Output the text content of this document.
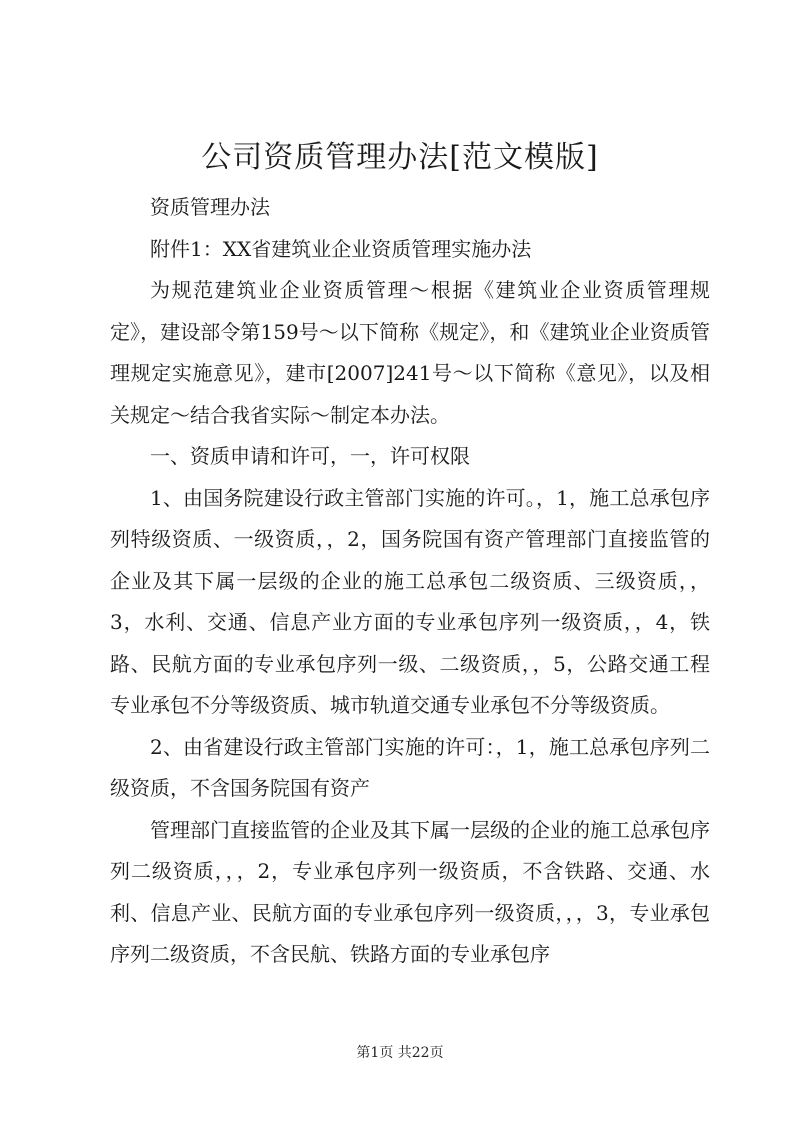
公司资质管理办法[范文模版]

资质管理办法

附件1：XX省建筑业企业资质管理实施办法

为规范建筑业企业资质管理～根据《建筑业企业资质管理规定》，建设部令第159号～以下简称《规定》，和《建筑业企业资质管理规定实施意见》，建市[2007]241号～以下简称《意见》，以及相关规定～结合我省实际～制定本办法。

一、资质申请和许可，一，许可权限

1、由国务院建设行政主管部门实施的许可。，1，施工总承包序列特级资质、一级资质，，2，国务院国有资产管理部门直接监管的企业及其下属一层级的企业的施工总承包二级资质、三级资质，，3，水利、交通、信息产业方面的专业承包序列一级资质，，4，铁路、民航方面的专业承包序列一级、二级资质，，5，公路交通工程专业承包不分等级资质、城市轨道交通专业承包不分等级资质。

2、由省建设行政主管部门实施的许可：，1，施工总承包序列二级资质，不含国务院国有资产

管理部门直接监管的企业及其下属一层级的企业的施工总承包序列二级资质，，，2，专业承包序列一级资质，不含铁路、交通、水利、信息产业、民航方面的专业承包序列一级资质，，，3，专业承包序列二级资质，不含民航、铁路方面的专业承包序

第1页 共22页
